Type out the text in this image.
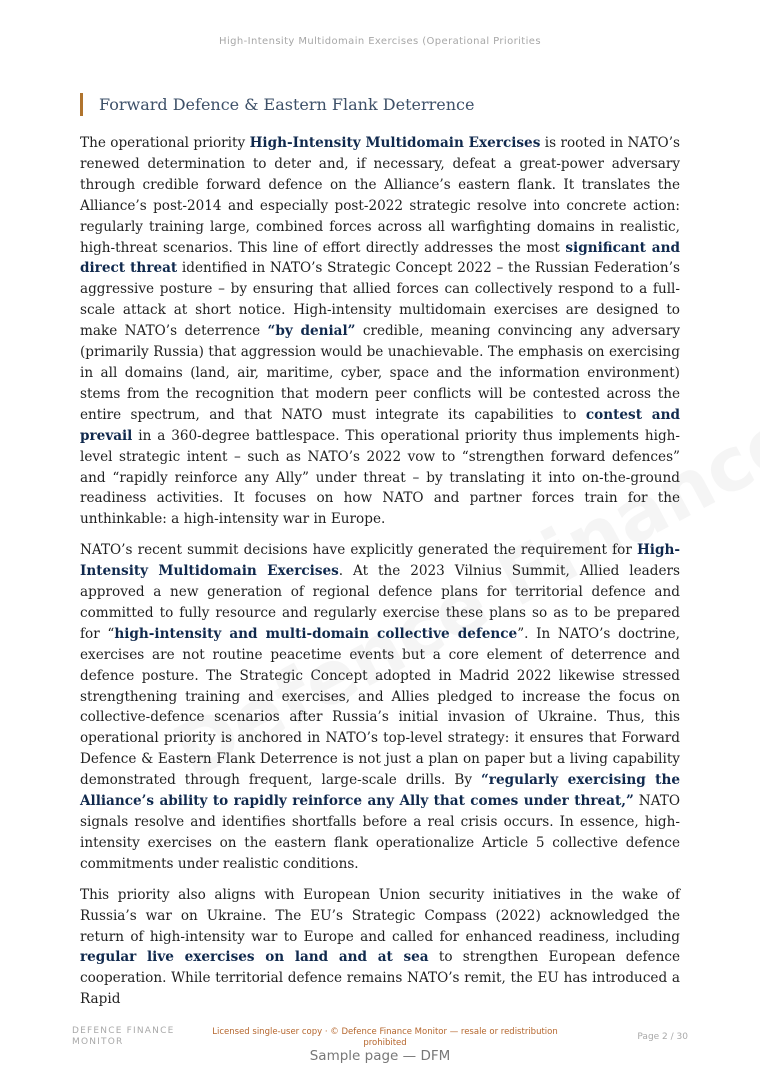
High-Intensity Multidomain Exercises (Operational Priorities
Forward Defence & Eastern Flank Deterrence

The operational priority High-Intensity Multidomain Exercises is rooted in NATO’s renewed determination to deter and, if necessary, defeat a great-power adversary through credible forward defence on the Alliance’s eastern flank. It translates the Alliance’s post-2014 and especially post-2022 strategic resolve into concrete action: regularly training large, combined forces across all warfighting domains in realistic, high-threat scenarios. This line of effort directly addresses the most significant and direct threat identified in NATO’s Strategic Concept 2022 – the Russian Federation’s aggressive posture – by ensuring that allied forces can collectively respond to a full-scale attack at short notice. High-intensity multidomain exercises are designed to make NATO’s deterrence “by denial” credible, meaning convincing any adversary (primarily Russia) that aggression would be unachievable. The emphasis on exercising in all domains (land, air, maritime, cyber, space and the information environment) stems from the recognition that modern peer conflicts will be contested across the entire spectrum, and that NATO must integrate its capabilities to contest and prevail in a 360-degree battlespace. This operational priority thus implements high-level strategic intent – such as NATO’s 2022 vow to “strengthen forward defences” and “rapidly reinforce any Ally” under threat – by translating it into on-the-ground readiness activities. It focuses on how NATO and partner forces train for the unthinkable: a high-intensity war in Europe.

NATO’s recent summit decisions have explicitly generated the requirement for High-Intensity Multidomain Exercises. At the 2023 Vilnius Summit, Allied leaders approved a new generation of regional defence plans for territorial defence and committed to fully resource and regularly exercise these plans so as to be prepared for “high-intensity and multi-domain collective defence”. In NATO’s doctrine, exercises are not routine peacetime events but a core element of deterrence and defence posture. The Strategic Concept adopted in Madrid 2022 likewise stressed strengthening training and exercises, and Allies pledged to increase the focus on collective-defence scenarios after Russia’s initial invasion of Ukraine. Thus, this operational priority is anchored in NATO’s top-level strategy: it ensures that Forward Defence & Eastern Flank Deterrence is not just a plan on paper but a living capability demonstrated through frequent, large-scale drills. By “regularly exercising the Alliance’s ability to rapidly reinforce any Ally that comes under threat,” NATO signals resolve and identifies shortfalls before a real crisis occurs. In essence, high-intensity exercises on the eastern flank operationalize Article 5 collective defence commitments under realistic conditions.

This priority also aligns with European Union security initiatives in the wake of Russia’s war on Ukraine. The EU’s Strategic Compass (2022) acknowledged the return of high-intensity war to Europe and called for enhanced readiness, including regular live exercises on land and at sea to strengthen European defence cooperation. While territorial defence remains NATO’s remit, the EU has introduced a Rapid

DEFENCE FINANCE
MONITOR
Licensed single-user copy · © Defence Finance Monitor — resale or redistribution
prohibited
Page 2 / 30
Sample page — DFM
